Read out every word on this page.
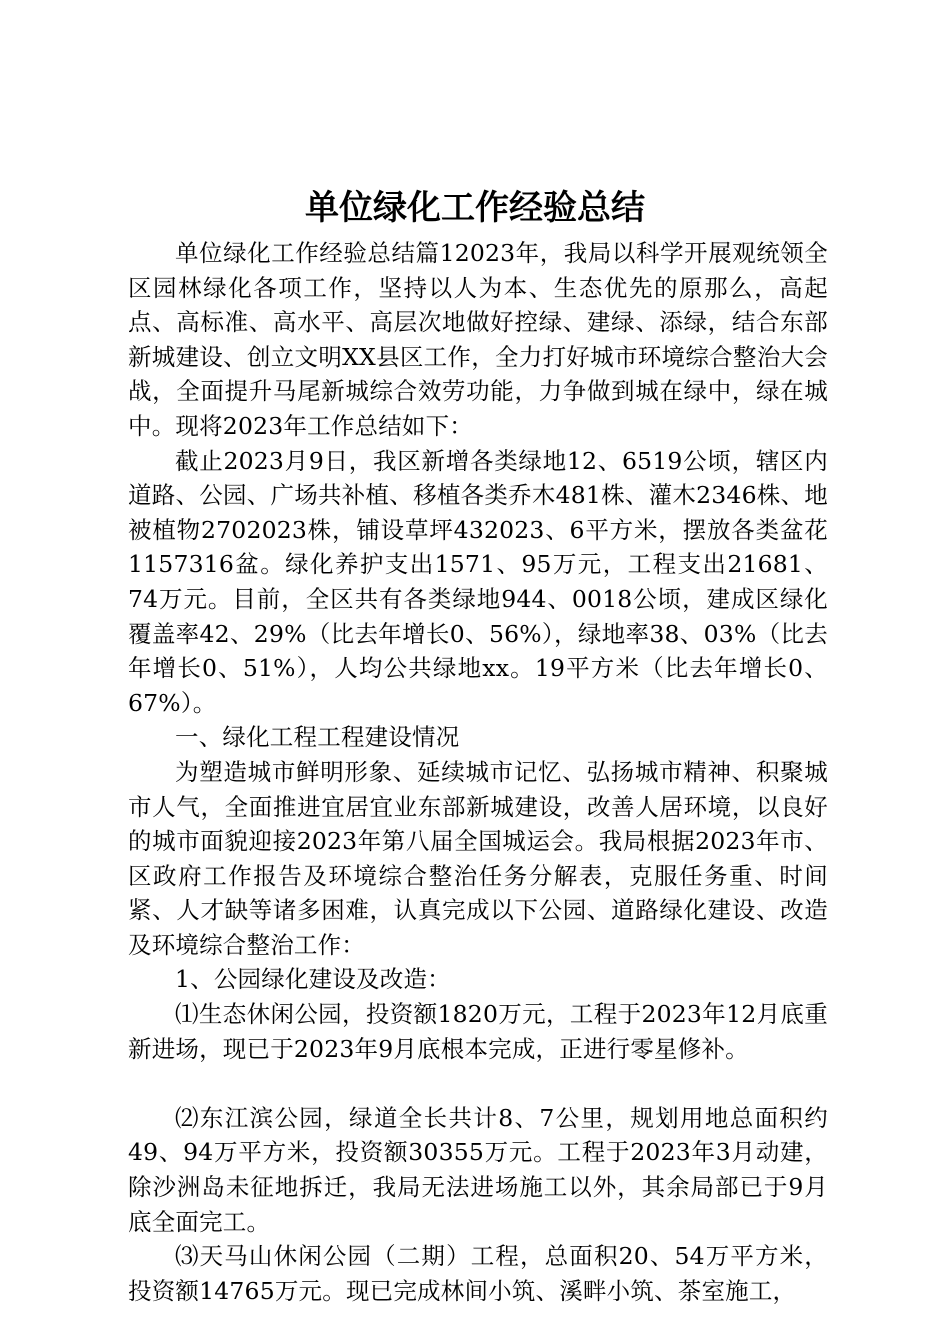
单位绿化工作经验总结

单位绿化工作经验总结篇12023年，我局以科学开展观统领全区园林绿化各项工作，坚持以人为本、生态优先的原那么，高起点、高标准、高水平、高层次地做好控绿、建绿、添绿，结合东部新城建设、创立文明XX县区工作，全力打好城市环境综合整治大会战，全面提升马尾新城综合效劳功能，力争做到城在绿中，绿在城中。现将2023年工作总结如下：

截止2023月9日，我区新增各类绿地12、6519公顷，辖区内道路、公园、广场共补植、移植各类乔木481株、灌木2346株、地被植物2702023株，铺设草坪432023、6平方米，摆放各类盆花1157316盆。绿化养护支出1571、95万元，工程支出21681、74万元。目前，全区共有各类绿地944、0018公顷，建成区绿化覆盖率42、29%（比去年增长0、56%），绿地率38、03%（比去年增长0、51%），人均公共绿地xx。19平方米（比去年增长0、67%）。

一、绿化工程工程建设情况

为塑造城市鲜明形象、延续城市记忆、弘扬城市精神、积聚城市人气，全面推进宜居宜业东部新城建设，改善人居环境，以良好的城市面貌迎接2023年第八届全国城运会。我局根据2023年市、区政府工作报告及环境综合整治任务分解表，克服任务重、时间紧、人才缺等诸多困难，认真完成以下公园、道路绿化建设、改造及环境综合整治工作：

1、公园绿化建设及改造：

⑴生态休闲公园，投资额1820万元，工程于2023年12月底重新进场，现已于2023年9月底根本完成，正进行零星修补。

⑵东江滨公园，绿道全长共计8、7公里，规划用地总面积约49、94万平方米，投资额30355万元。工程于2023年3月动建，除沙洲岛未征地拆迁，我局无法进场施工以外，其余局部已于9月底全面完工。

⑶天马山休闲公园（二期）工程，总面积20、54万平方米，投资额14765万元。现已完成林间小筑、溪畔小筑、茶室施工，
